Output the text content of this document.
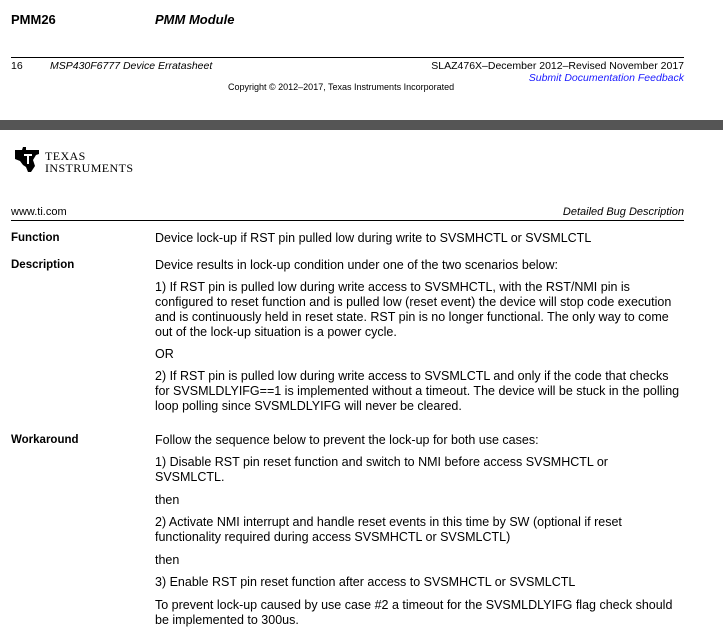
PMM26	PMM Module
16	MSP430F6777 Device Erratasheet	SLAZ476X–December 2012–Revised November 2017
Submit Documentation Feedback
Copyright © 2012–2017, Texas Instruments Incorporated
TEXAS
INSTRUMENTS
www.ti.com	Detailed Bug Description
Function	Device lock-up if RST pin pulled low during write to SVSMHCTL or SVSMLCTL
Description	Device results in lock-up condition under one of the two scenarios below:
1) If RST pin is pulled low during write access to SVSMHCTL, with the RST/NMI pin is configured to reset function and is pulled low (reset event) the device will stop code execution and is continuously held in reset state. RST pin is no longer functional. The only way to come out of the lock-up situation is a power cycle.
OR
2) If RST pin is pulled low during write access to SVSMLCTL and only if the code that checks for SVSMLDLYIFG==1 is implemented without a timeout. The device will be stuck in the polling loop polling since SVSMLDLYIFG will never be cleared.
Workaround	Follow the sequence below to prevent the lock-up for both use cases:
1) Disable RST pin reset function and switch to NMI before access SVSMHCTL or SVSMLCTL.
then
2) Activate NMI interrupt and handle reset events in this time by SW (optional if reset functionality required during access SVSMHCTL or SVSMLCTL)
then
3) Enable RST pin reset function after access to SVSMHCTL or SVSMLCTL
To prevent lock-up caused by use case #2 a timeout for the SVSMLDLYIFG flag check should be implemented to 300us.
